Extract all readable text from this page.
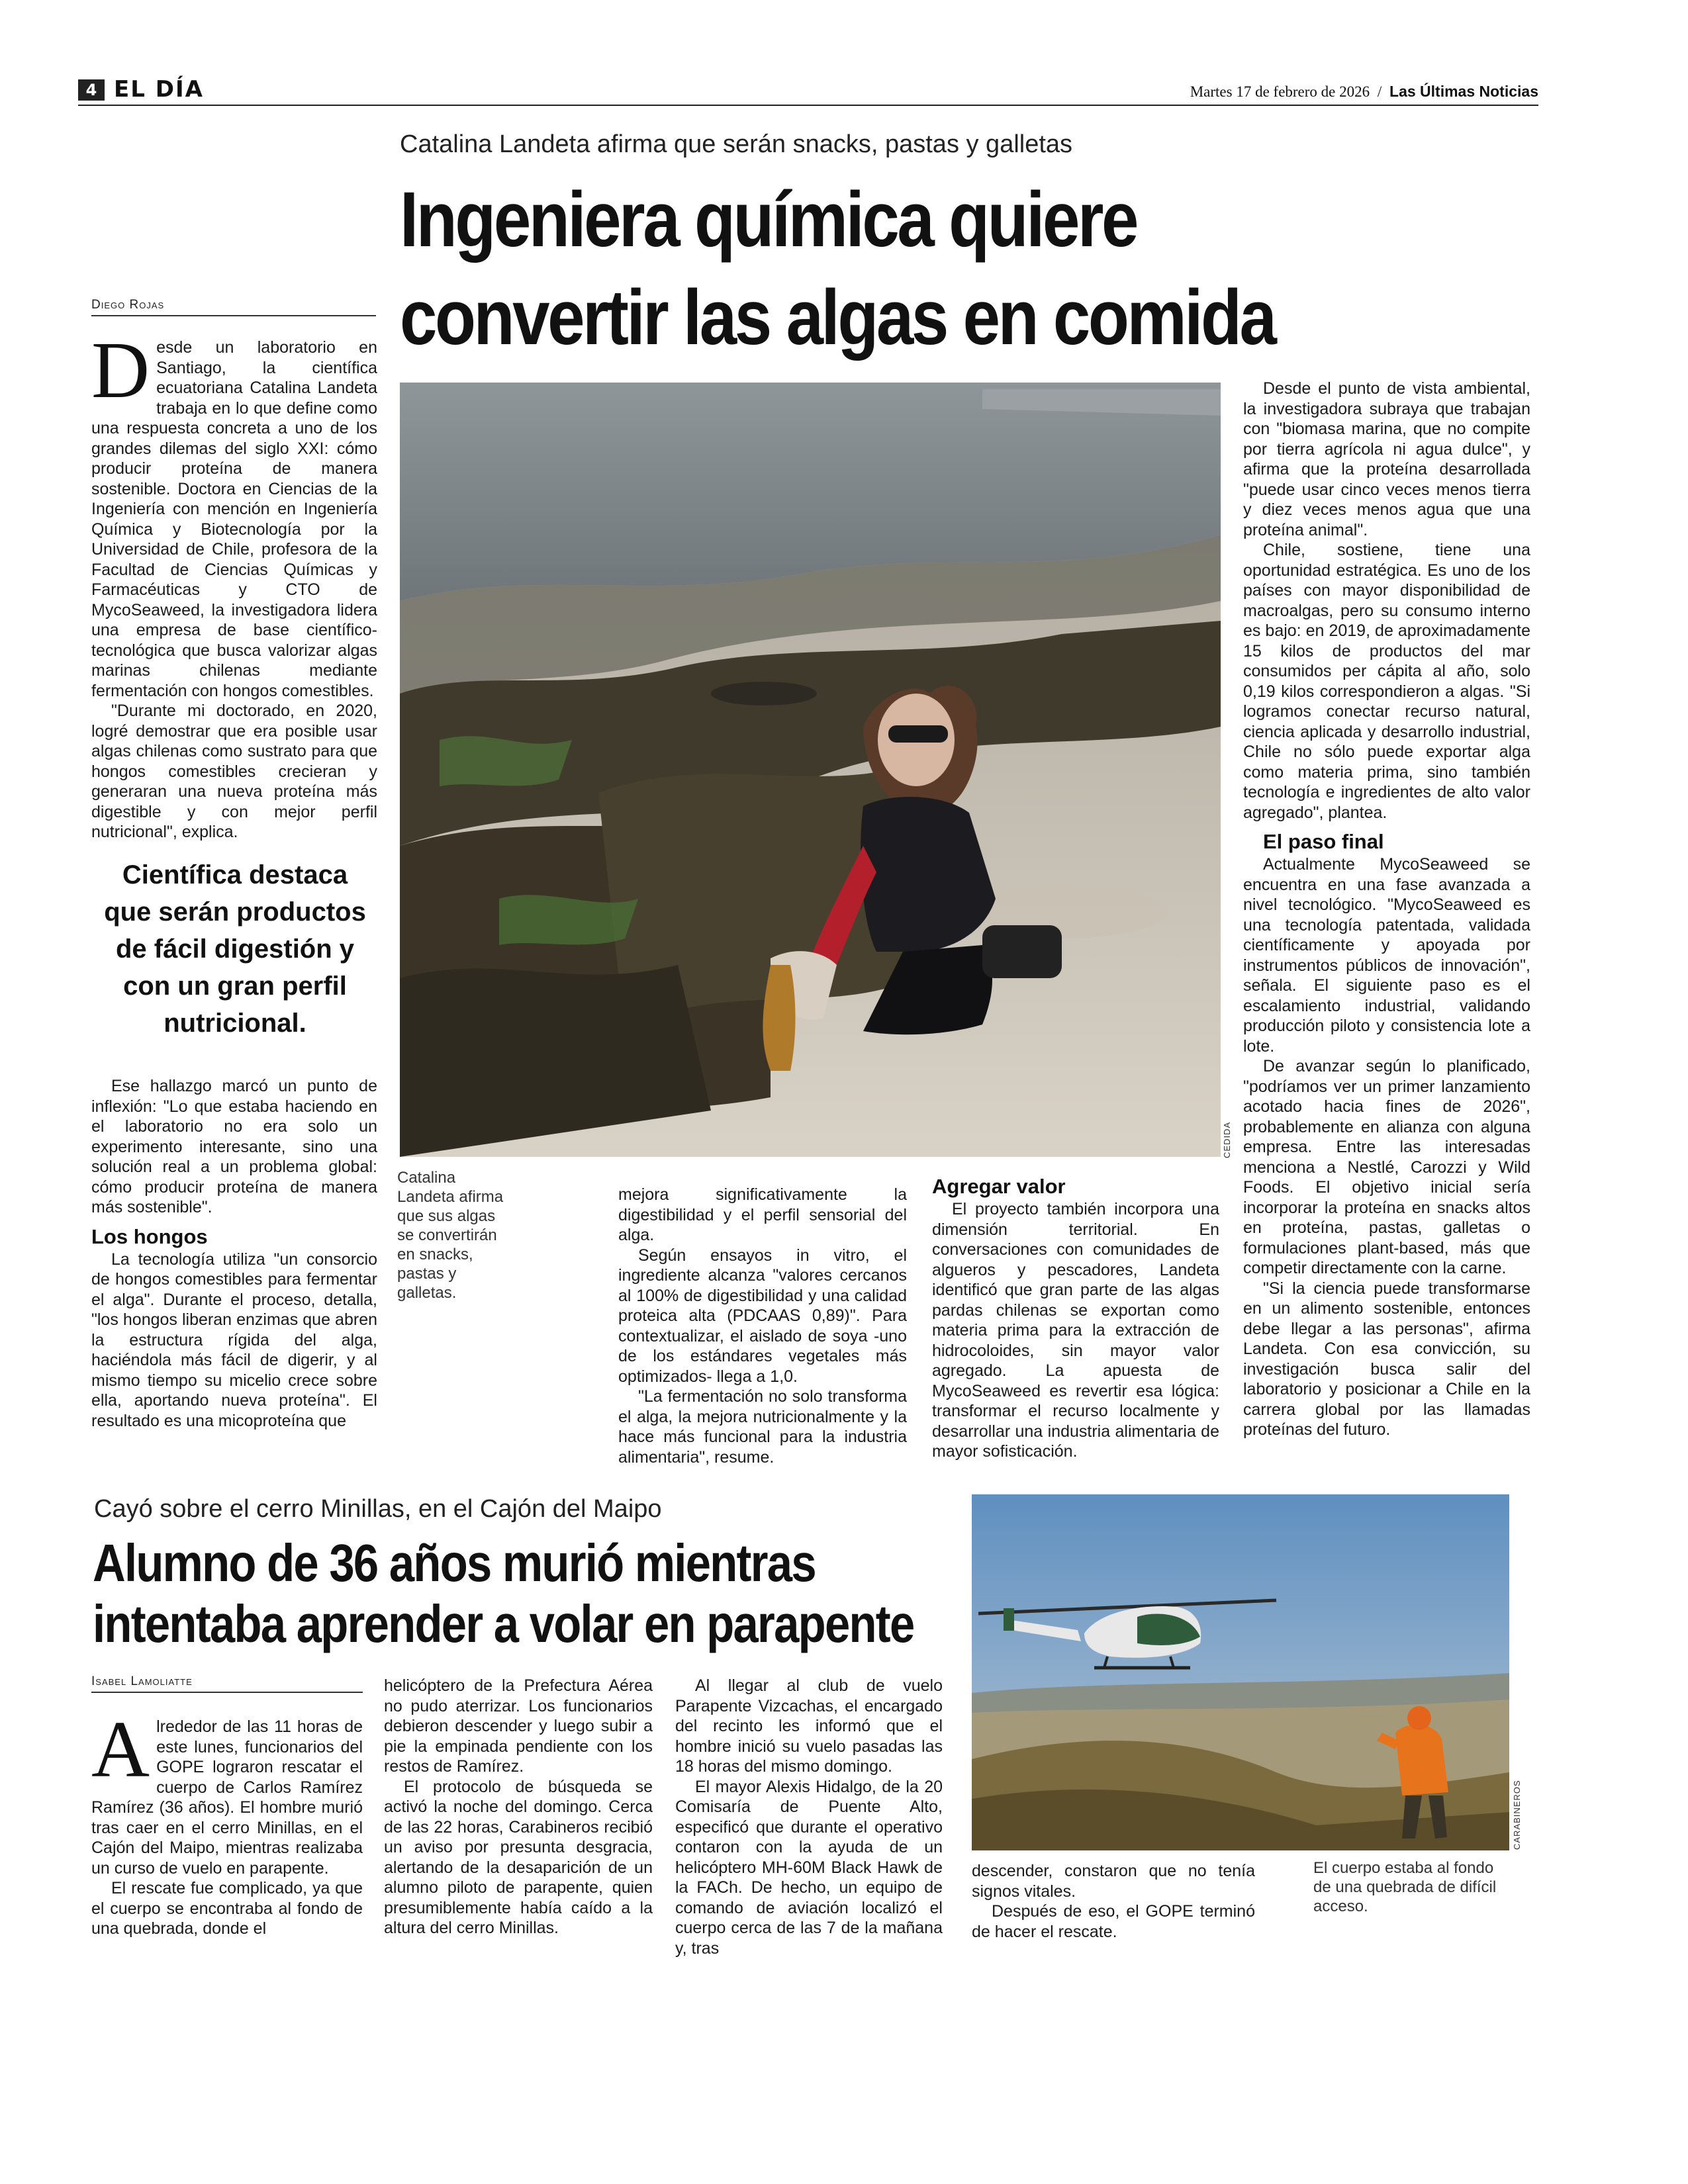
4 EL DÍA	Martes 17 de febrero de 2026 / Las Últimas Noticias
Catalina Landeta afirma que serán snacks, pastas y galletas
Ingeniera química quiere
convertir las algas en comida
Diego Rojas

Desde un laboratorio en Santiago, la científica ecuatoriana Catalina Landeta trabaja en lo que define como una respuesta concreta a uno de los grandes dilemas del siglo XXI: cómo producir proteína de manera sostenible. Doctora en Ciencias de la Ingeniería con mención en Ingeniería Química y Biotecnología por la Universidad de Chile, profesora de la Facultad de Ciencias Químicas y Farmacéuticas y CTO de MycoSeaweed, la investigadora lidera una empresa de base científico-tecnológica que busca valorizar algas marinas chilenas mediante fermentación con hongos comestibles.

"Durante mi doctorado, en 2020, logré demostrar que era posible usar algas chilenas como sustrato para que hongos comestibles crecieran y generaran una nueva proteína más digestible y con mejor perfil nutricional", explica.

Científica destaca que serán productos de fácil digestión y con un gran perfil nutricional.

Ese hallazgo marcó un punto de inflexión: "Lo que estaba haciendo en el laboratorio no era solo un experimento interesante, sino una solución real a un problema global: cómo producir proteína de manera más sostenible".

Los hongos

La tecnología utiliza "un consorcio de hongos comestibles para fermentar el alga". Durante el proceso, detalla, "los hongos liberan enzimas que abren la estructura rígida del alga, haciéndola más fácil de digerir, y al mismo tiempo su micelio crece sobre ella, aportando nueva proteína". El resultado es una micoproteína que

CEDIDA
Catalina Landeta afirma que sus algas se convertirán en snacks, pastas y galletas.

mejora significativamente la digestibilidad y el perfil sensorial del alga.

Según ensayos in vitro, el ingrediente alcanza "valores cercanos al 100% de digestibilidad y una calidad proteica alta (PDCAAS 0,89)". Para contextualizar, el aislado de soya -uno de los estándares vegetales más optimizados- llega a 1,0.

"La fermentación no solo transforma el alga, la mejora nutricionalmente y la hace más funcional para la industria alimentaria", resume.

Agregar valor

El proyecto también incorpora una dimensión territorial. En conversaciones con comunidades de algueros y pescadores, Landeta identificó que gran parte de las algas pardas chilenas se exportan como materia prima para la extracción de hidrocoloides, sin mayor valor agregado. La apuesta de MycoSeaweed es revertir esa lógica: transformar el recurso localmente y desarrollar una industria alimentaria de mayor sofisticación.

Desde el punto de vista ambiental, la investigadora subraya que trabajan con "biomasa marina, que no compite por tierra agrícola ni agua dulce", y afirma que la proteína desarrollada "puede usar cinco veces menos tierra y diez veces menos agua que una proteína animal".

Chile, sostiene, tiene una oportunidad estratégica. Es uno de los países con mayor disponibilidad de macroalgas, pero su consumo interno es bajo: en 2019, de aproximadamente 15 kilos de productos del mar consumidos per cápita al año, solo 0,19 kilos correspondieron a algas. "Si logramos conectar recurso natural, ciencia aplicada y desarrollo industrial, Chile no sólo puede exportar alga como materia prima, sino también tecnología e ingredientes de alto valor agregado", plantea.

El paso final

Actualmente MycoSeaweed se encuentra en una fase avanzada a nivel tecnológico. "MycoSeaweed es una tecnología patentada, validada científicamente y apoyada por instrumentos públicos de innovación", señala. El siguiente paso es el escalamiento industrial, validando producción piloto y consistencia lote a lote.

De avanzar según lo planificado, "podríamos ver un primer lanzamiento acotado hacia fines de 2026", probablemente en alianza con alguna empresa. Entre las interesadas menciona a Nestlé, Carozzi y Wild Foods. El objetivo inicial sería incorporar la proteína en snacks altos en proteína, pastas, galletas o formulaciones plant-based, más que competir directamente con la carne.

"Si la ciencia puede transformarse en un alimento sostenible, entonces debe llegar a las personas", afirma Landeta. Con esa convicción, su investigación busca salir del laboratorio y posicionar a Chile en la carrera global por las llamadas proteínas del futuro.

Cayó sobre el cerro Minillas, en el Cajón del Maipo
Alumno de 36 años murió mientras
intentaba aprender a volar en parapente
Isabel Lamoliatte

Alrededor de las 11 horas de este lunes, funcionarios del GOPE lograron rescatar el cuerpo de Carlos Ramírez Ramírez (36 años). El hombre murió tras caer en el cerro Minillas, en el Cajón del Maipo, mientras realizaba un curso de vuelo en parapente.

El rescate fue complicado, ya que el cuerpo se encontraba al fondo de una quebrada, donde el

helicóptero de la Prefectura Aérea no pudo aterrizar. Los funcionarios debieron descender y luego subir a pie la empinada pendiente con los restos de Ramírez.

El protocolo de búsqueda se activó la noche del domingo. Cerca de las 22 horas, Carabineros recibió un aviso por presunta desgracia, alertando de la desaparición de un alumno piloto de parapente, quien presumiblemente había caído a la altura del cerro Minillas.

Al llegar al club de vuelo Parapente Vizcachas, el encargado del recinto les informó que el hombre inició su vuelo pasadas las 18 horas del mismo domingo.

El mayor Alexis Hidalgo, de la 20 Comisaría de Puente Alto, especificó que durante el operativo contaron con la ayuda de un helicóptero MH-60M Black Hawk de la FACh. De hecho, un equipo de comando de aviación localizó el cuerpo cerca de las 7 de la mañana y, tras

CARABINEROS

descender, constaron que no tenía signos vitales.

Después de eso, el GOPE terminó de hacer el rescate.

El cuerpo estaba al fondo de una quebrada de difícil acceso.
